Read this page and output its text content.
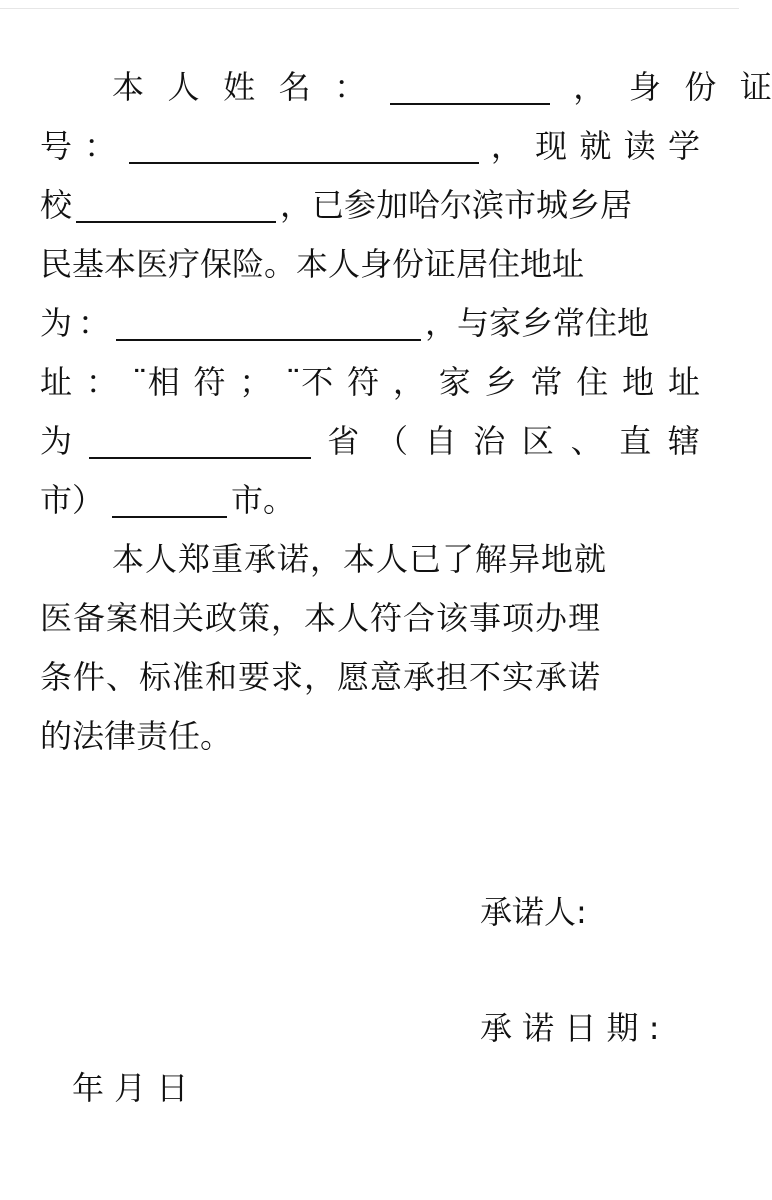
本 人 姓 名 ：	， 身 份 证
号 ：	， 现 就 读 学
校	，已参加哈尔滨市城乡居
民基本医疗保险。本人身份证居住地址
为 ：	，与家乡常住地
址 ： ¨相 符 ； ¨不 符 ， 家 乡 常 住 地 址
为	省 （ 自 治 区 、 直 辖
市）	市。
本人郑重承诺，本人已了解异地就
医备案相关政策，本人符合该事项办理
条件、标准和要求，愿意承担不实承诺
的法律责任。
承诺人:
承 诺 日 期 :
年 月 日
